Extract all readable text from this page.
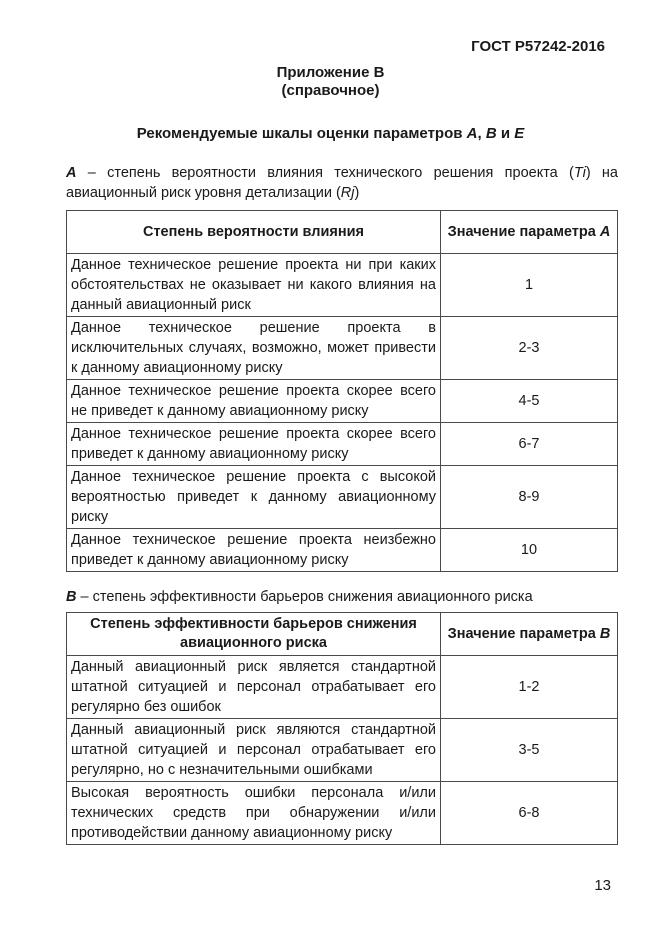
ГОСТ Р57242-2016
Приложение В
(справочное)
Рекомендуемые шкалы оценки параметров А, В и Е
А – степень вероятности влияния технического решения проекта (Ti) на авиационный риск уровня детализации (Rj)
Степень вероятности влияния	Значение параметра А
Данное техническое решение проекта ни при каких обстоятельствах не оказывает ни какого влияния на данный авиационный риск	1
Данное техническое решение проекта в исключительных случаях, возможно, может привести к данному авиационному риску	2-3
Данное техническое решение проекта скорее всего не приведет к данному авиационному риску	4-5
Данное техническое решение проекта скорее всего приведет к данному авиационному риску	6-7
Данное техническое решение проекта с высокой вероятностью приведет к данному авиационному риску	8-9
Данное техническое решение проекта неизбежно приведет к данному авиационному риску	10
В – степень эффективности барьеров снижения авиационного риска
Степень эффективности барьеров снижения авиационного риска	Значение параметра В
Данный авиационный риск является стандартной штатной ситуацией и персонал отрабатывает его регулярно без ошибок	1-2
Данный авиационный риск являются стандартной штатной ситуацией и персонал отрабатывает его регулярно, но с незначительными ошибками	3-5
Высокая вероятность ошибки персонала и/или технических средств при обнаружении и/или противодействии данному авиационному риску	6-8
13
